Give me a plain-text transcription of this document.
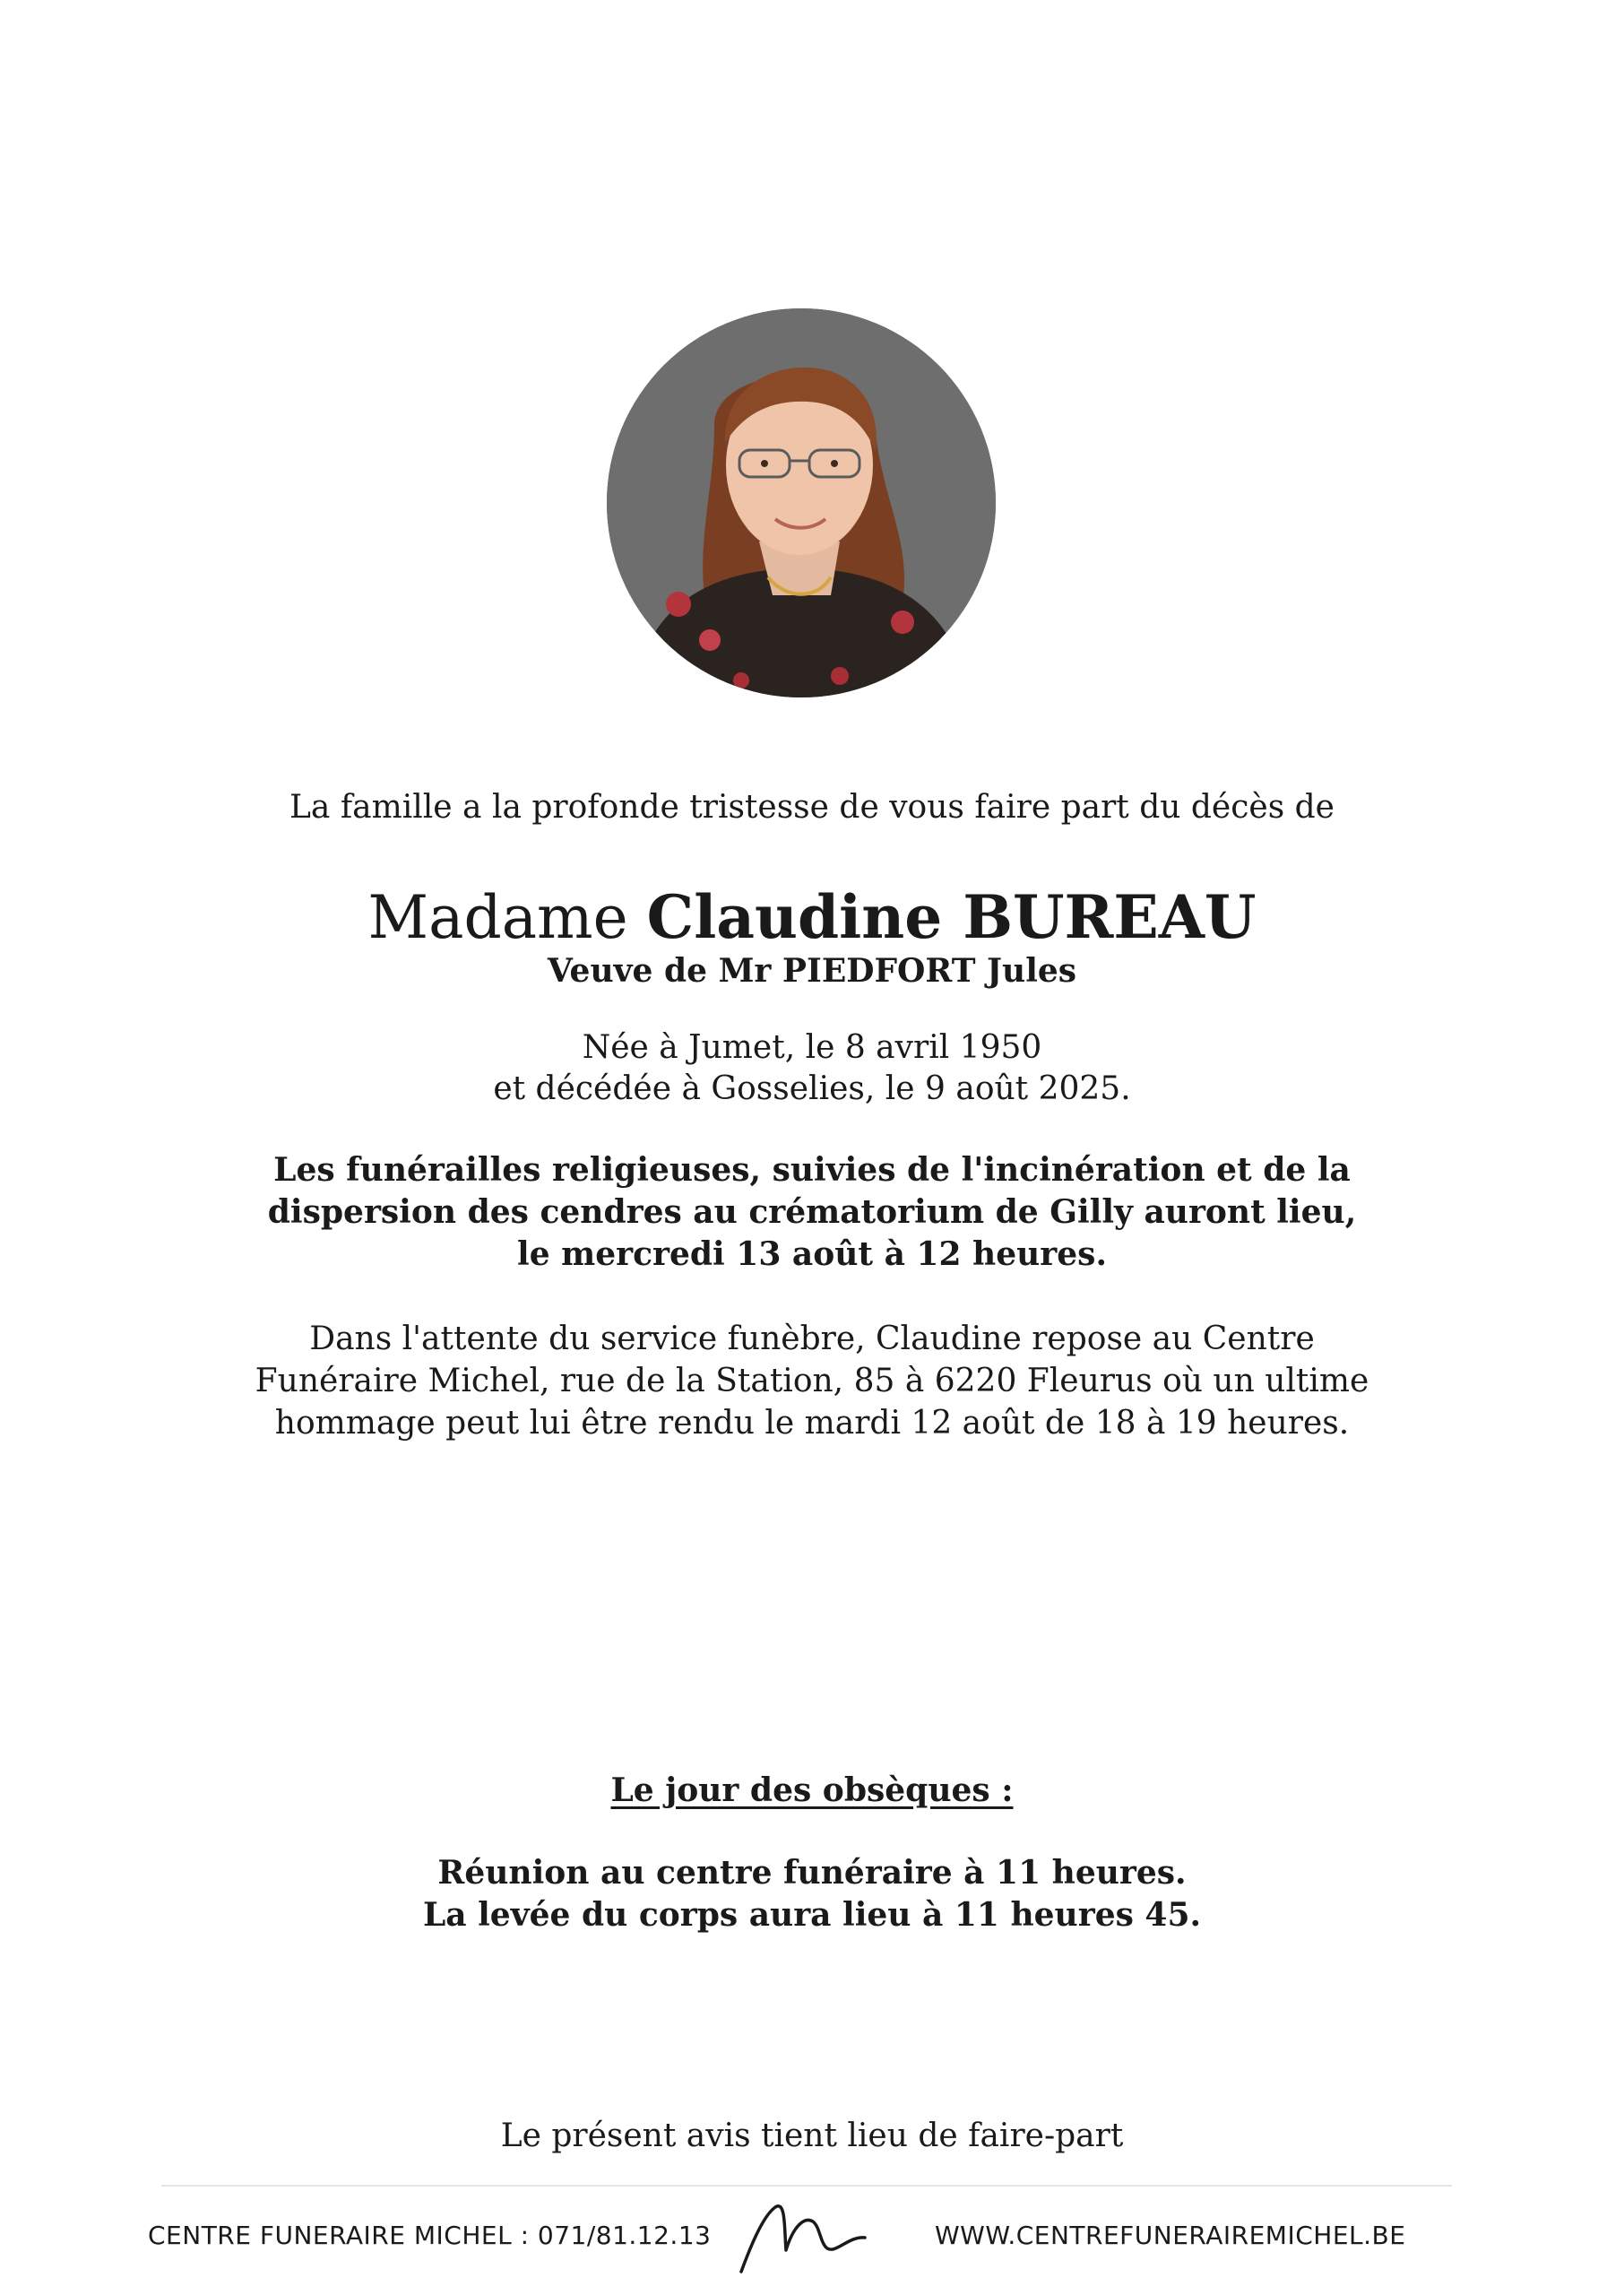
La famille a la profonde tristesse de vous faire part du décès de
Madame Claudine BUREAU
Veuve de Mr PIEDFORT Jules
Née à Jumet, le 8 avril 1950
et décédée à Gosselies, le 9 août 2025.
Les funérailles religieuses, suivies de l'incinération et de la
dispersion des cendres au crématorium de Gilly auront lieu,
le mercredi 13 août à 12 heures.
Dans l'attente du service funèbre, Claudine repose au Centre
Funéraire Michel, rue de la Station, 85 à 6220 Fleurus où un ultime
hommage peut lui être rendu le mardi 12 août de 18 à 19 heures.
Le jour des obsèques :
Réunion au centre funéraire à 11 heures.
La levée du corps aura lieu à 11 heures 45.
Le présent avis tient lieu de faire-part
CENTRE FUNERAIRE MICHEL : 071/81.12.13	WWW.CENTREFUNERAIREMICHEL.BE
